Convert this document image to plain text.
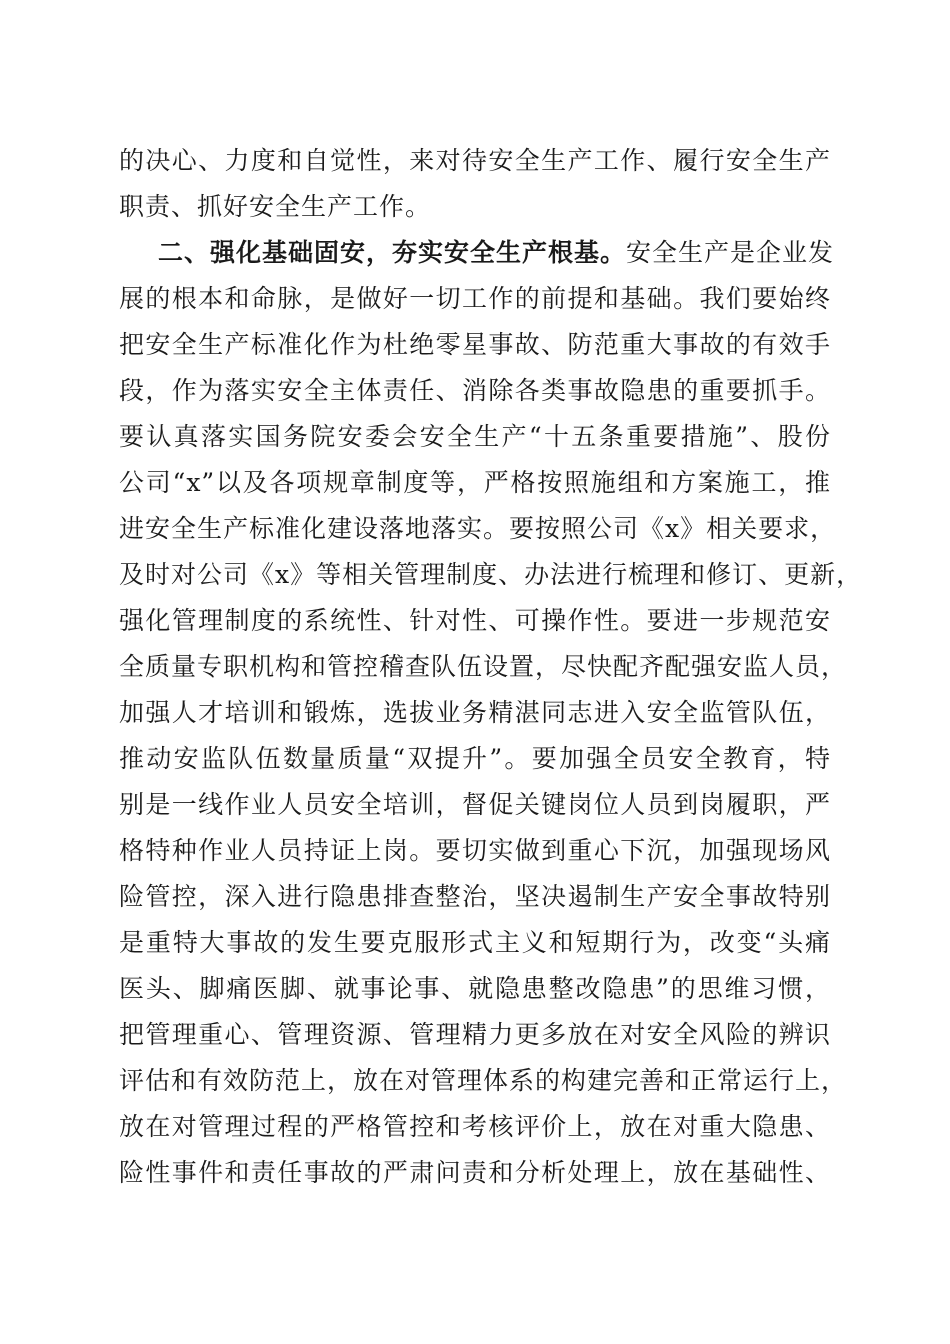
的决心、力度和自觉性，来对待安全生产工作、履行安全生产
职责、抓好安全生产工作。
二、强化基础固安，夯实安全生产根基。安全生产是企业发
展的根本和命脉，是做好一切工作的前提和基础。我们要始终
把安全生产标准化作为杜绝零星事故、防范重大事故的有效手
段，作为落实安全主体责任、消除各类事故隐患的重要抓手。
要认真落实国务院安委会安全生产“十五条重要措施”、股份
公司“x”以及各项规章制度等，严格按照施组和方案施工，推
进安全生产标准化建设落地落实。要按照公司《x》相关要求，
及时对公司《x》等相关管理制度、办法进行梳理和修订、更新，
强化管理制度的系统性、针对性、可操作性。要进一步规范安
全质量专职机构和管控稽查队伍设置，尽快配齐配强安监人员，
加强人才培训和锻炼，选拔业务精湛同志进入安全监管队伍，
推动安监队伍数量质量“双提升”。要加强全员安全教育，特
别是一线作业人员安全培训，督促关键岗位人员到岗履职，严
格特种作业人员持证上岗。要切实做到重心下沉，加强现场风
险管控，深入进行隐患排查整治，坚决遏制生产安全事故特别
是重特大事故的发生要克服形式主义和短期行为，改变“头痛
医头、脚痛医脚、就事论事、就隐患整改隐患”的思维习惯，
把管理重心、管理资源、管理精力更多放在对安全风险的辨识
评估和有效防范上，放在对管理体系的构建完善和正常运行上，
放在对管理过程的严格管控和考核评价上，放在对重大隐患、
险性事件和责任事故的严肃问责和分析处理上，放在基础性、
